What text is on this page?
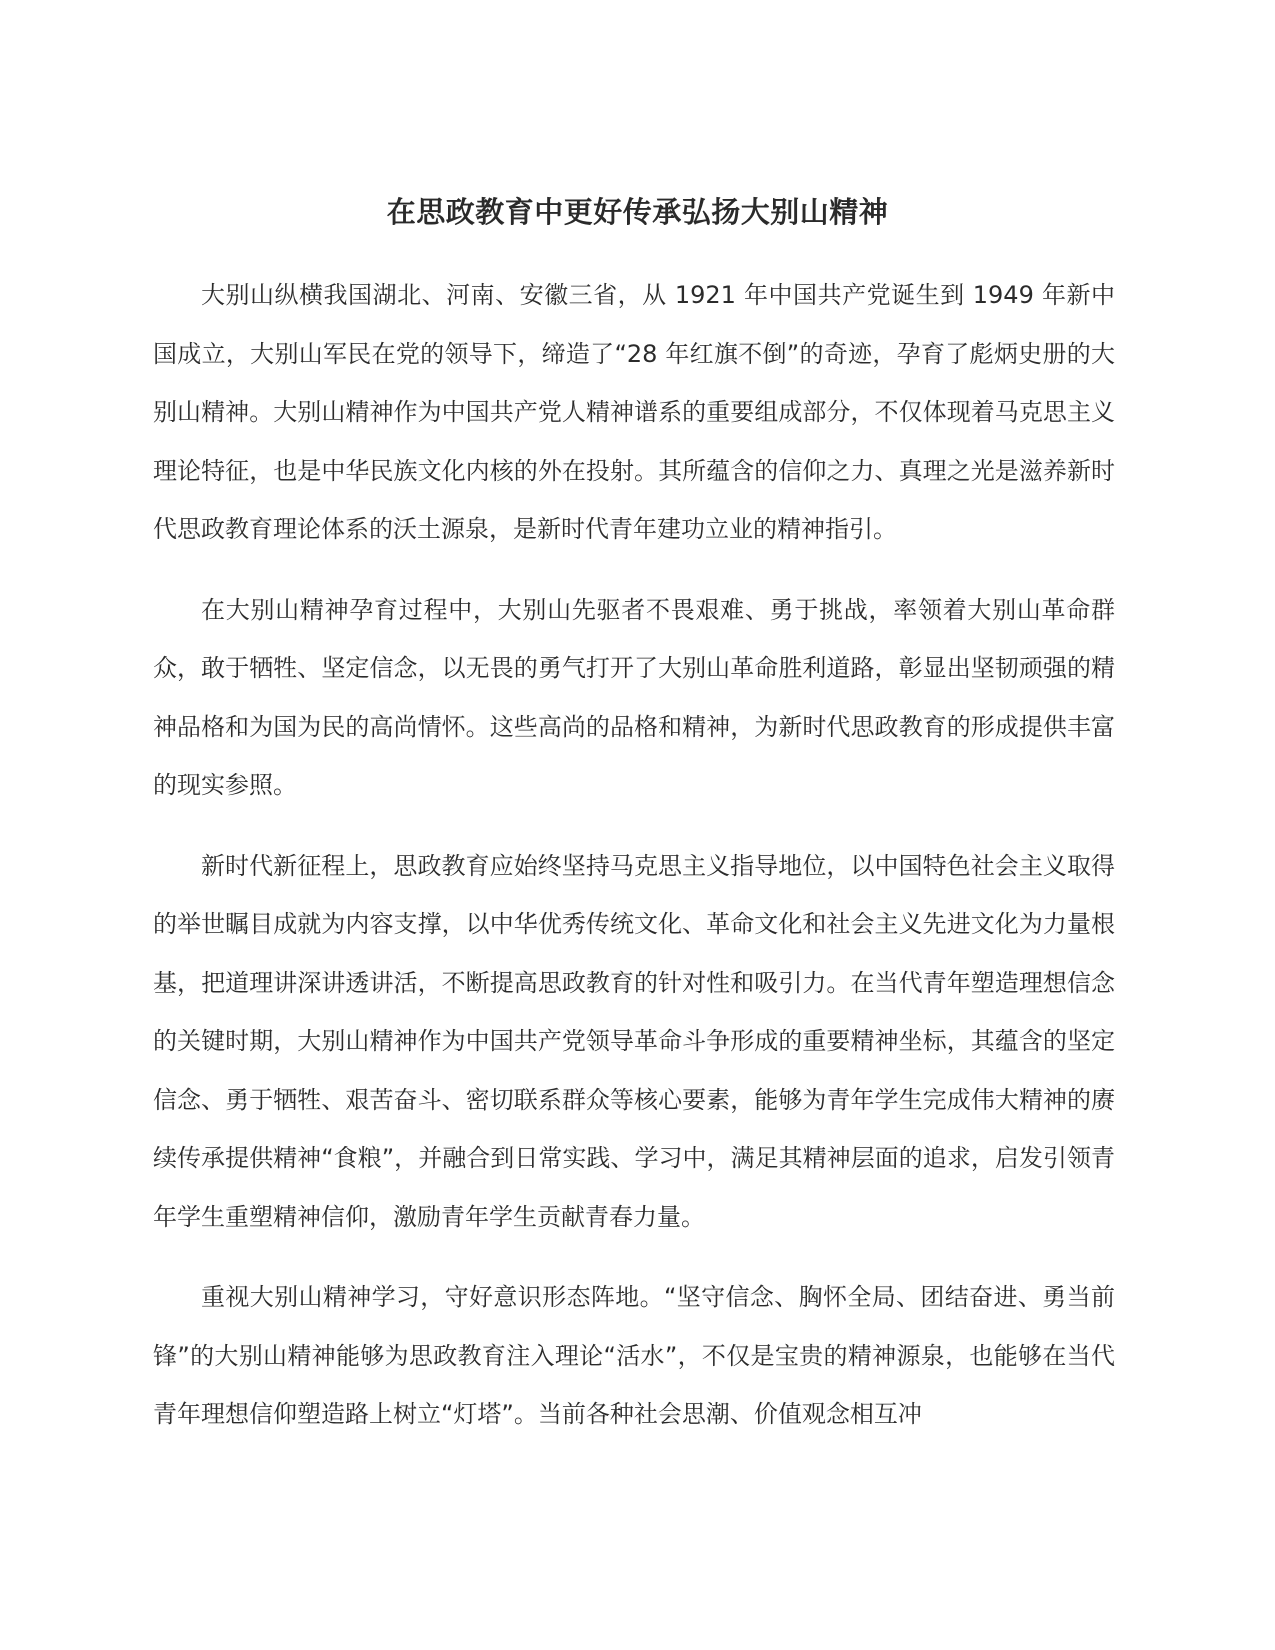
在思政教育中更好传承弘扬大别山精神

大别山纵横我国湖北、河南、安徽三省，从 1921 年中国共产党诞生到 1949 年新中国成立，大别山军民在党的领导下，缔造了“28 年红旗不倒”的奇迹，孕育了彪炳史册的大别山精神。大别山精神作为中国共产党人精神谱系的重要组成部分，不仅体现着马克思主义理论特征，也是中华民族文化内核的外在投射。其所蕴含的信仰之力、真理之光是滋养新时代思政教育理论体系的沃土源泉，是新时代青年建功立业的精神指引。

在大别山精神孕育过程中，大别山先驱者不畏艰难、勇于挑战，率领着大别山革命群众，敢于牺牲、坚定信念，以无畏的勇气打开了大别山革命胜利道路，彰显出坚韧顽强的精神品格和为国为民的高尚情怀。这些高尚的品格和精神，为新时代思政教育的形成提供丰富的现实参照。

新时代新征程上，思政教育应始终坚持马克思主义指导地位，以中国特色社会主义取得的举世瞩目成就为内容支撑，以中华优秀传统文化、革命文化和社会主义先进文化为力量根基，把道理讲深讲透讲活，不断提高思政教育的针对性和吸引力。在当代青年塑造理想信念的关键时期，大别山精神作为中国共产党领导革命斗争形成的重要精神坐标，其蕴含的坚定信念、勇于牺牲、艰苦奋斗、密切联系群众等核心要素，能够为青年学生完成伟大精神的赓续传承提供精神“食粮”，并融合到日常实践、学习中，满足其精神层面的追求，启发引领青年学生重塑精神信仰，激励青年学生贡献青春力量。

重视大别山精神学习，守好意识形态阵地。“坚守信念、胸怀全局、团结奋进、勇当前锋”的大别山精神能够为思政教育注入理论“活水”，不仅是宝贵的精神源泉，也能够在当代青年理想信仰塑造路上树立“灯塔”。当前各种社会思潮、价值观念相互冲
